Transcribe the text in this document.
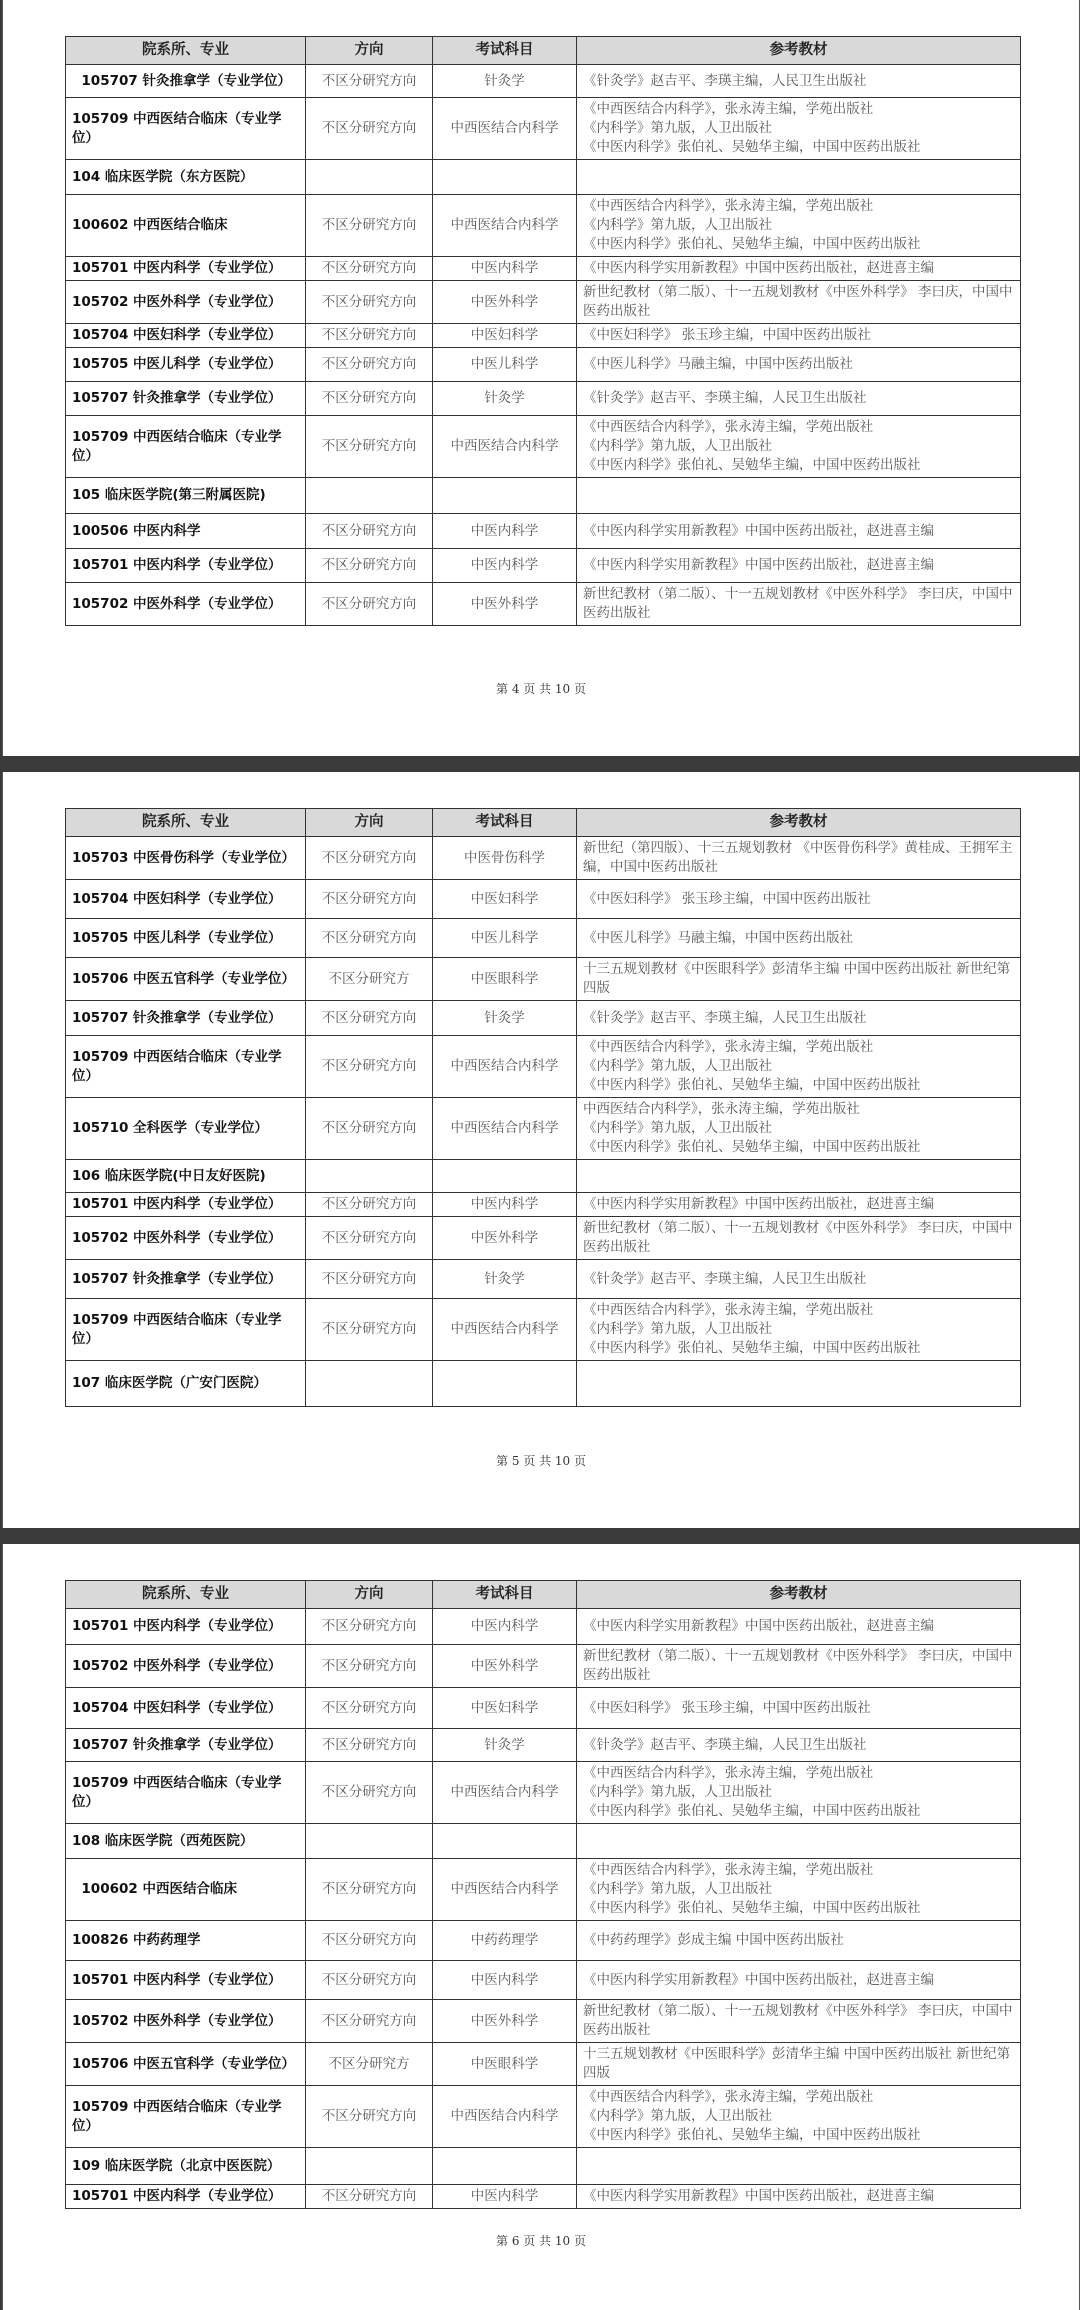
院系所、专业	方向	考试科目	参考教材
105707 针灸推拿学（专业学位）	不区分研究方向	针灸学	《针灸学》赵吉平、李瑛主编，人民卫生出版社
105709 中西医结合临床（专业学位）	不区分研究方向	中西医结合内科学	《中西医结合内科学》，张永涛主编，学苑出版社
《内科学》第九版，人卫出版社
《中医内科学》张伯礼、吴勉华主编，中国中医药出版社
104 临床医学院（东方医院）			
100602 中西医结合临床	不区分研究方向	中西医结合内科学	《中西医结合内科学》，张永涛主编，学苑出版社
《内科学》第九版，人卫出版社
《中医内科学》张伯礼、吴勉华主编，中国中医药出版社
105701 中医内科学（专业学位）	不区分研究方向	中医内科学	《中医内科学实用新教程》中国中医药出版社，赵进喜主编
105702 中医外科学（专业学位）	不区分研究方向	中医外科学	新世纪教材（第二版）、十一五规划教材《中医外科学》 李曰庆，中国中医药出版社
105704 中医妇科学（专业学位）	不区分研究方向	中医妇科学	《中医妇科学》 张玉珍主编，中国中医药出版社
105705 中医儿科学（专业学位）	不区分研究方向	中医儿科学	《中医儿科学》马融主编，中国中医药出版社
105707 针灸推拿学（专业学位）	不区分研究方向	针灸学	《针灸学》赵吉平、李瑛主编，人民卫生出版社
105709 中西医结合临床（专业学位）	不区分研究方向	中西医结合内科学	《中西医结合内科学》，张永涛主编，学苑出版社
《内科学》第九版，人卫出版社
《中医内科学》张伯礼、吴勉华主编，中国中医药出版社
105 临床医学院(第三附属医院)			
100506 中医内科学	不区分研究方向	中医内科学	《中医内科学实用新教程》中国中医药出版社，赵进喜主编
105701 中医内科学（专业学位）	不区分研究方向	中医内科学	《中医内科学实用新教程》中国中医药出版社，赵进喜主编
105702 中医外科学（专业学位）	不区分研究方向	中医外科学	新世纪教材（第二版）、十一五规划教材《中医外科学》 李曰庆，中国中医药出版社
第 4 页 共 10 页
院系所、专业	方向	考试科目	参考教材
105703 中医骨伤科学（专业学位）	不区分研究方向	中医骨伤科学	新世纪（第四版）、十三五规划教材 《中医骨伤科学》黄桂成、王拥军主编，中国中医药出版社
105704 中医妇科学（专业学位）	不区分研究方向	中医妇科学	《中医妇科学》 张玉珍主编，中国中医药出版社
105705 中医儿科学（专业学位）	不区分研究方向	中医儿科学	《中医儿科学》马融主编，中国中医药出版社
105706 中医五官科学（专业学位）	不区分研究方	中医眼科学	十三五规划教材《中医眼科学》彭清华主编 中国中医药出版社 新世纪第四版
105707 针灸推拿学（专业学位）	不区分研究方向	针灸学	《针灸学》赵吉平、李瑛主编，人民卫生出版社
105709 中西医结合临床（专业学位）	不区分研究方向	中西医结合内科学	《中西医结合内科学》，张永涛主编，学苑出版社
《内科学》第九版，人卫出版社
《中医内科学》张伯礼、吴勉华主编，中国中医药出版社
105710 全科医学（专业学位）	不区分研究方向	中西医结合内科学	中西医结合内科学》，张永涛主编，学苑出版社
《内科学》第九版，人卫出版社
《中医内科学》张伯礼、吴勉华主编，中国中医药出版社
106 临床医学院(中日友好医院)			
105701 中医内科学（专业学位）	不区分研究方向	中医内科学	《中医内科学实用新教程》中国中医药出版社，赵进喜主编
105702 中医外科学（专业学位）	不区分研究方向	中医外科学	新世纪教材（第二版）、十一五规划教材《中医外科学》 李曰庆，中国中医药出版社
105707 针灸推拿学（专业学位）	不区分研究方向	针灸学	《针灸学》赵吉平、李瑛主编，人民卫生出版社
105709 中西医结合临床（专业学位）	不区分研究方向	中西医结合内科学	《中西医结合内科学》，张永涛主编，学苑出版社
《内科学》第九版，人卫出版社
《中医内科学》张伯礼、吴勉华主编，中国中医药出版社
107 临床医学院（广安门医院）			
第 5 页 共 10 页
院系所、专业	方向	考试科目	参考教材
105701 中医内科学（专业学位）	不区分研究方向	中医内科学	《中医内科学实用新教程》中国中医药出版社，赵进喜主编
105702 中医外科学（专业学位）	不区分研究方向	中医外科学	新世纪教材（第二版）、十一五规划教材《中医外科学》 李曰庆，中国中医药出版社
105704 中医妇科学（专业学位）	不区分研究方向	中医妇科学	《中医妇科学》 张玉珍主编，中国中医药出版社
105707 针灸推拿学（专业学位）	不区分研究方向	针灸学	《针灸学》赵吉平、李瑛主编，人民卫生出版社
105709 中西医结合临床（专业学位）	不区分研究方向	中西医结合内科学	《中西医结合内科学》，张永涛主编，学苑出版社
《内科学》第九版，人卫出版社
《中医内科学》张伯礼、吴勉华主编，中国中医药出版社
108 临床医学院（西苑医院）			
100602 中西医结合临床	不区分研究方向	中西医结合内科学	《中西医结合内科学》，张永涛主编，学苑出版社
《内科学》第九版，人卫出版社
《中医内科学》张伯礼、吴勉华主编，中国中医药出版社
100826 中药药理学	不区分研究方向	中药药理学	《中药药理学》彭成主编 中国中医药出版社
105701 中医内科学（专业学位）	不区分研究方向	中医内科学	《中医内科学实用新教程》中国中医药出版社，赵进喜主编
105702 中医外科学（专业学位）	不区分研究方向	中医外科学	新世纪教材（第二版）、十一五规划教材《中医外科学》 李曰庆，中国中医药出版社
105706 中医五官科学（专业学位）	不区分研究方	中医眼科学	十三五规划教材《中医眼科学》彭清华主编 中国中医药出版社 新世纪第四版
105709 中西医结合临床（专业学位）	不区分研究方向	中西医结合内科学	《中西医结合内科学》，张永涛主编，学苑出版社
《内科学》第九版，人卫出版社
《中医内科学》张伯礼、吴勉华主编，中国中医药出版社
109 临床医学院（北京中医医院）			
105701 中医内科学（专业学位）	不区分研究方向	中医内科学	《中医内科学实用新教程》中国中医药出版社，赵进喜主编
第 6 页 共 10 页
